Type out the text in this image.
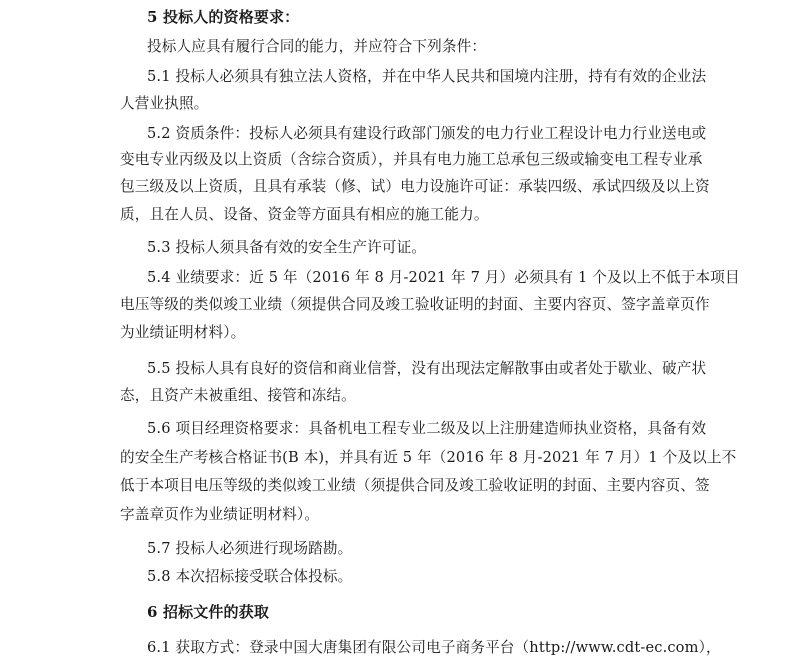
5 投标人的资格要求：
投标人应具有履行合同的能力，并应符合下列条件：
5.1 投标人必须具有独立法人资格，并在中华人民共和国境内注册，持有有效的企业法
人营业执照。
5.2 资质条件：投标人必须具有建设行政部门颁发的电力行业工程设计电力行业送电或
变电专业丙级及以上资质（含综合资质），并具有电力施工总承包三级或输变电工程专业承
包三级及以上资质，且具有承装（修、试）电力设施许可证：承装四级、承试四级及以上资
质，且在人员、设备、资金等方面具有相应的施工能力。
5.3 投标人须具备有效的安全生产许可证。
5.4 业绩要求：近 5 年（2016 年 8 月-2021 年 7 月）必须具有 1 个及以上不低于本项目
电压等级的类似竣工业绩（须提供合同及竣工验收证明的封面、主要内容页、签字盖章页作
为业绩证明材料）。
5.5 投标人具有良好的资信和商业信誉，没有出现法定解散事由或者处于歇业、破产状
态，且资产未被重组、接管和冻结。
5.6 项目经理资格要求：具备机电工程专业二级及以上注册建造师执业资格，具备有效
的安全生产考核合格证书(B 本)，并具有近 5 年（2016 年 8 月-2021 年 7 月）1 个及以上不
低于本项目电压等级的类似竣工业绩（须提供合同及竣工验收证明的封面、主要内容页、签
字盖章页作为业绩证明材料）。
5.7 投标人必须进行现场踏勘。
5.8 本次招标接受联合体投标。
6 招标文件的获取
6.1 获取方式：登录中国大唐集团有限公司电子商务平台（http://www.cdt-ec.com），
